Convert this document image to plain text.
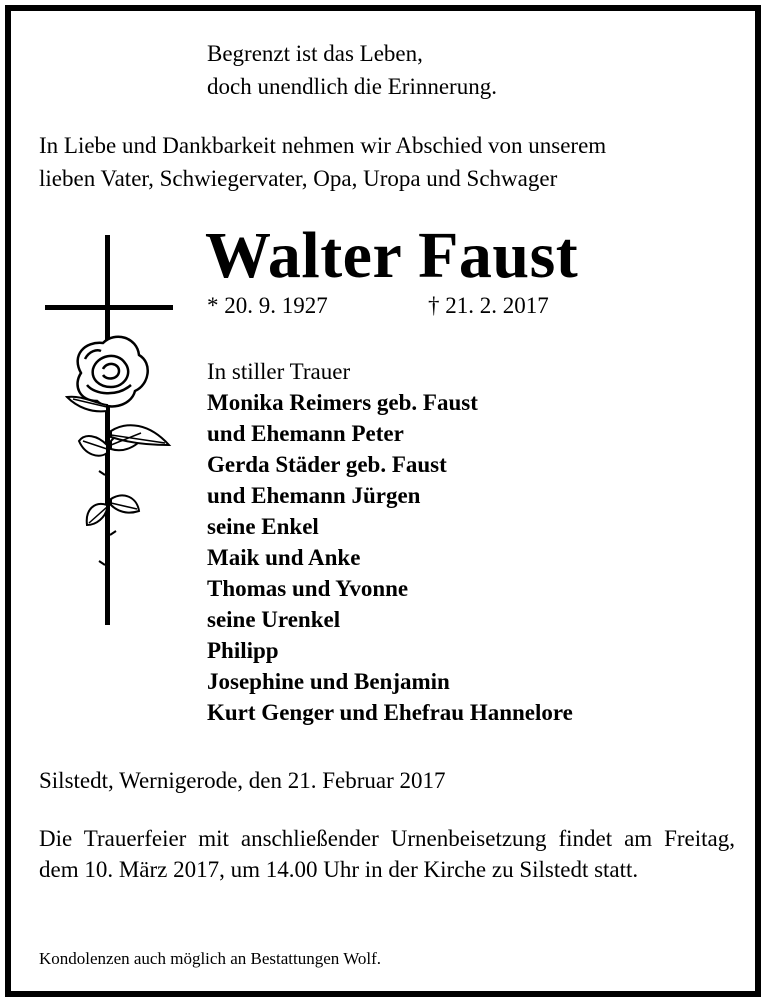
Begrenzt ist das Leben,
doch unendlich die Erinnerung.
In Liebe und Dankbarkeit nehmen wir Abschied von unserem
lieben Vater, Schwiegervater, Opa, Uropa und Schwager
Walter Faust
* 20. 9. 1927	† 21. 2. 2017
In stiller Trauer
Monika Reimers geb. Faust
und Ehemann Peter
Gerda Städer geb. Faust
und Ehemann Jürgen
seine Enkel
Maik und Anke
Thomas und Yvonne
seine Urenkel
Philipp
Josephine und Benjamin
Kurt Genger und Ehefrau Hannelore
Silstedt, Wernigerode, den 21. Februar 2017
Die Trauerfeier mit anschließender Urnenbeisetzung findet am Freitag, dem 10. März 2017, um 14.00 Uhr in der Kirche zu Silstedt statt.
Kondolenzen auch möglich an Bestattungen Wolf.
